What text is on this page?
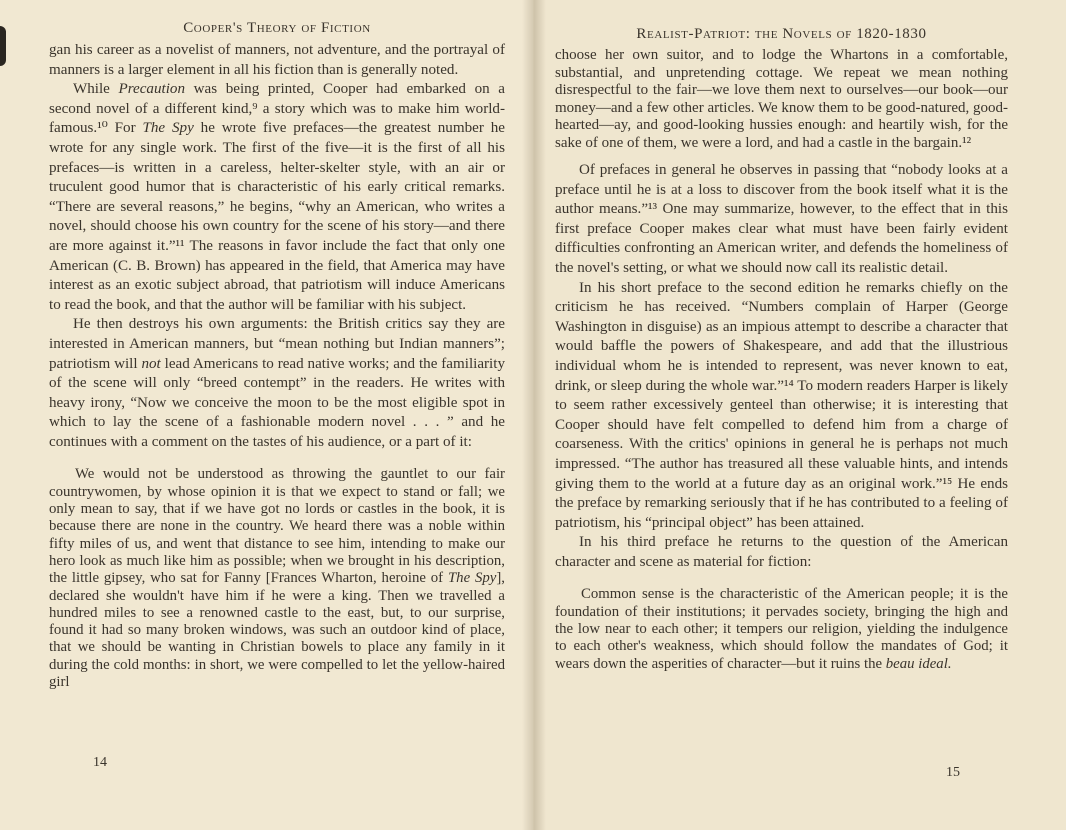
Cooper's Theory of Fiction

gan his career as a novelist of manners, not adventure, and the portrayal of manners is a larger element in all his fiction than is generally noted.

While Precaution was being printed, Cooper had embarked on a second novel of a different kind,⁹ a story which was to make him world-famous.¹⁰ For The Spy he wrote five prefaces—the greatest number he wrote for any single work. The first of the five—it is the first of all his prefaces—is written in a careless, helter-skelter style, with an air or truculent good humor that is characteristic of his early critical remarks. “There are several reasons,” he begins, “why an American, who writes a novel, should choose his own country for the scene of his story—and there are more against it.”¹¹ The reasons in favor include the fact that only one American (C. B. Brown) has appeared in the field, that America may have interest as an exotic subject abroad, that patriotism will induce Americans to read the book, and that the author will be familiar with his subject.

He then destroys his own arguments: the British critics say they are interested in American manners, but “mean nothing but Indian manners”; patriotism will not lead Americans to read native works; and the familiarity of the scene will only “breed contempt” in the readers. He writes with heavy irony, “Now we conceive the moon to be the most eligible spot in which to lay the scene of a fashionable modern novel . . . ” and he continues with a comment on the tastes of his audience, or a part of it:

We would not be understood as throwing the gauntlet to our fair countrywomen, by whose opinion it is that we expect to stand or fall; we only mean to say, that if we have got no lords or castles in the book, it is because there are none in the country. We heard there was a noble within fifty miles of us, and went that distance to see him, intending to make our hero look as much like him as possible; when we brought in his description, the little gipsey, who sat for Fanny [Frances Wharton, heroine of The Spy], declared she wouldn't have him if he were a king. Then we travelled a hundred miles to see a renowned castle to the east, but, to our surprise, found it had so many broken windows, was such an outdoor kind of place, that we should be wanting in Christian bowels to place any family in it during the cold months: in short, we were compelled to let the yellow-haired girl
14
Realist-Patriot: the Novels of 1820-1830

choose her own suitor, and to lodge the Whartons in a comfortable, substantial, and unpretending cottage. We repeat we mean nothing disrespectful to the fair—we love them next to ourselves—our book—our money—and a few other articles. We know them to be good-natured, good-hearted—ay, and good-looking hussies enough: and heartily wish, for the sake of one of them, we were a lord, and had a castle in the bargain.¹²

Of prefaces in general he observes in passing that “nobody looks at a preface until he is at a loss to discover from the book itself what it is the author means.”¹³ One may summarize, however, to the effect that in this first preface Cooper makes clear what must have been fairly evident difficulties confronting an American writer, and defends the homeliness of the novel's setting, or what we should now call its realistic detail.

In his short preface to the second edition he remarks chiefly on the criticism he has received. “Numbers complain of Harper (George Washington in disguise) as an impious attempt to describe a character that would baffle the powers of Shakespeare, and add that the illustrious individual whom he is intended to represent, was never known to eat, drink, or sleep during the whole war.”¹⁴ To modern readers Harper is likely to seem rather excessively genteel than otherwise; it is interesting that Cooper should have felt compelled to defend him from a charge of coarseness. With the critics' opinions in general he is perhaps not much impressed. “The author has treasured all these valuable hints, and intends giving them to the world at a future day as an original work.”¹⁵ He ends the preface by remarking seriously that if he has contributed to a feeling of patriotism, his “principal object” has been attained.

In his third preface he returns to the question of the American character and scene as material for fiction:

Common sense is the characteristic of the American people; it is the foundation of their institutions; it pervades society, bringing the high and the low near to each other; it tempers our religion, yielding the indulgence to each other's weakness, which should follow the mandates of God; it wears down the asperities of character—but it ruins the beau ideal.
15
